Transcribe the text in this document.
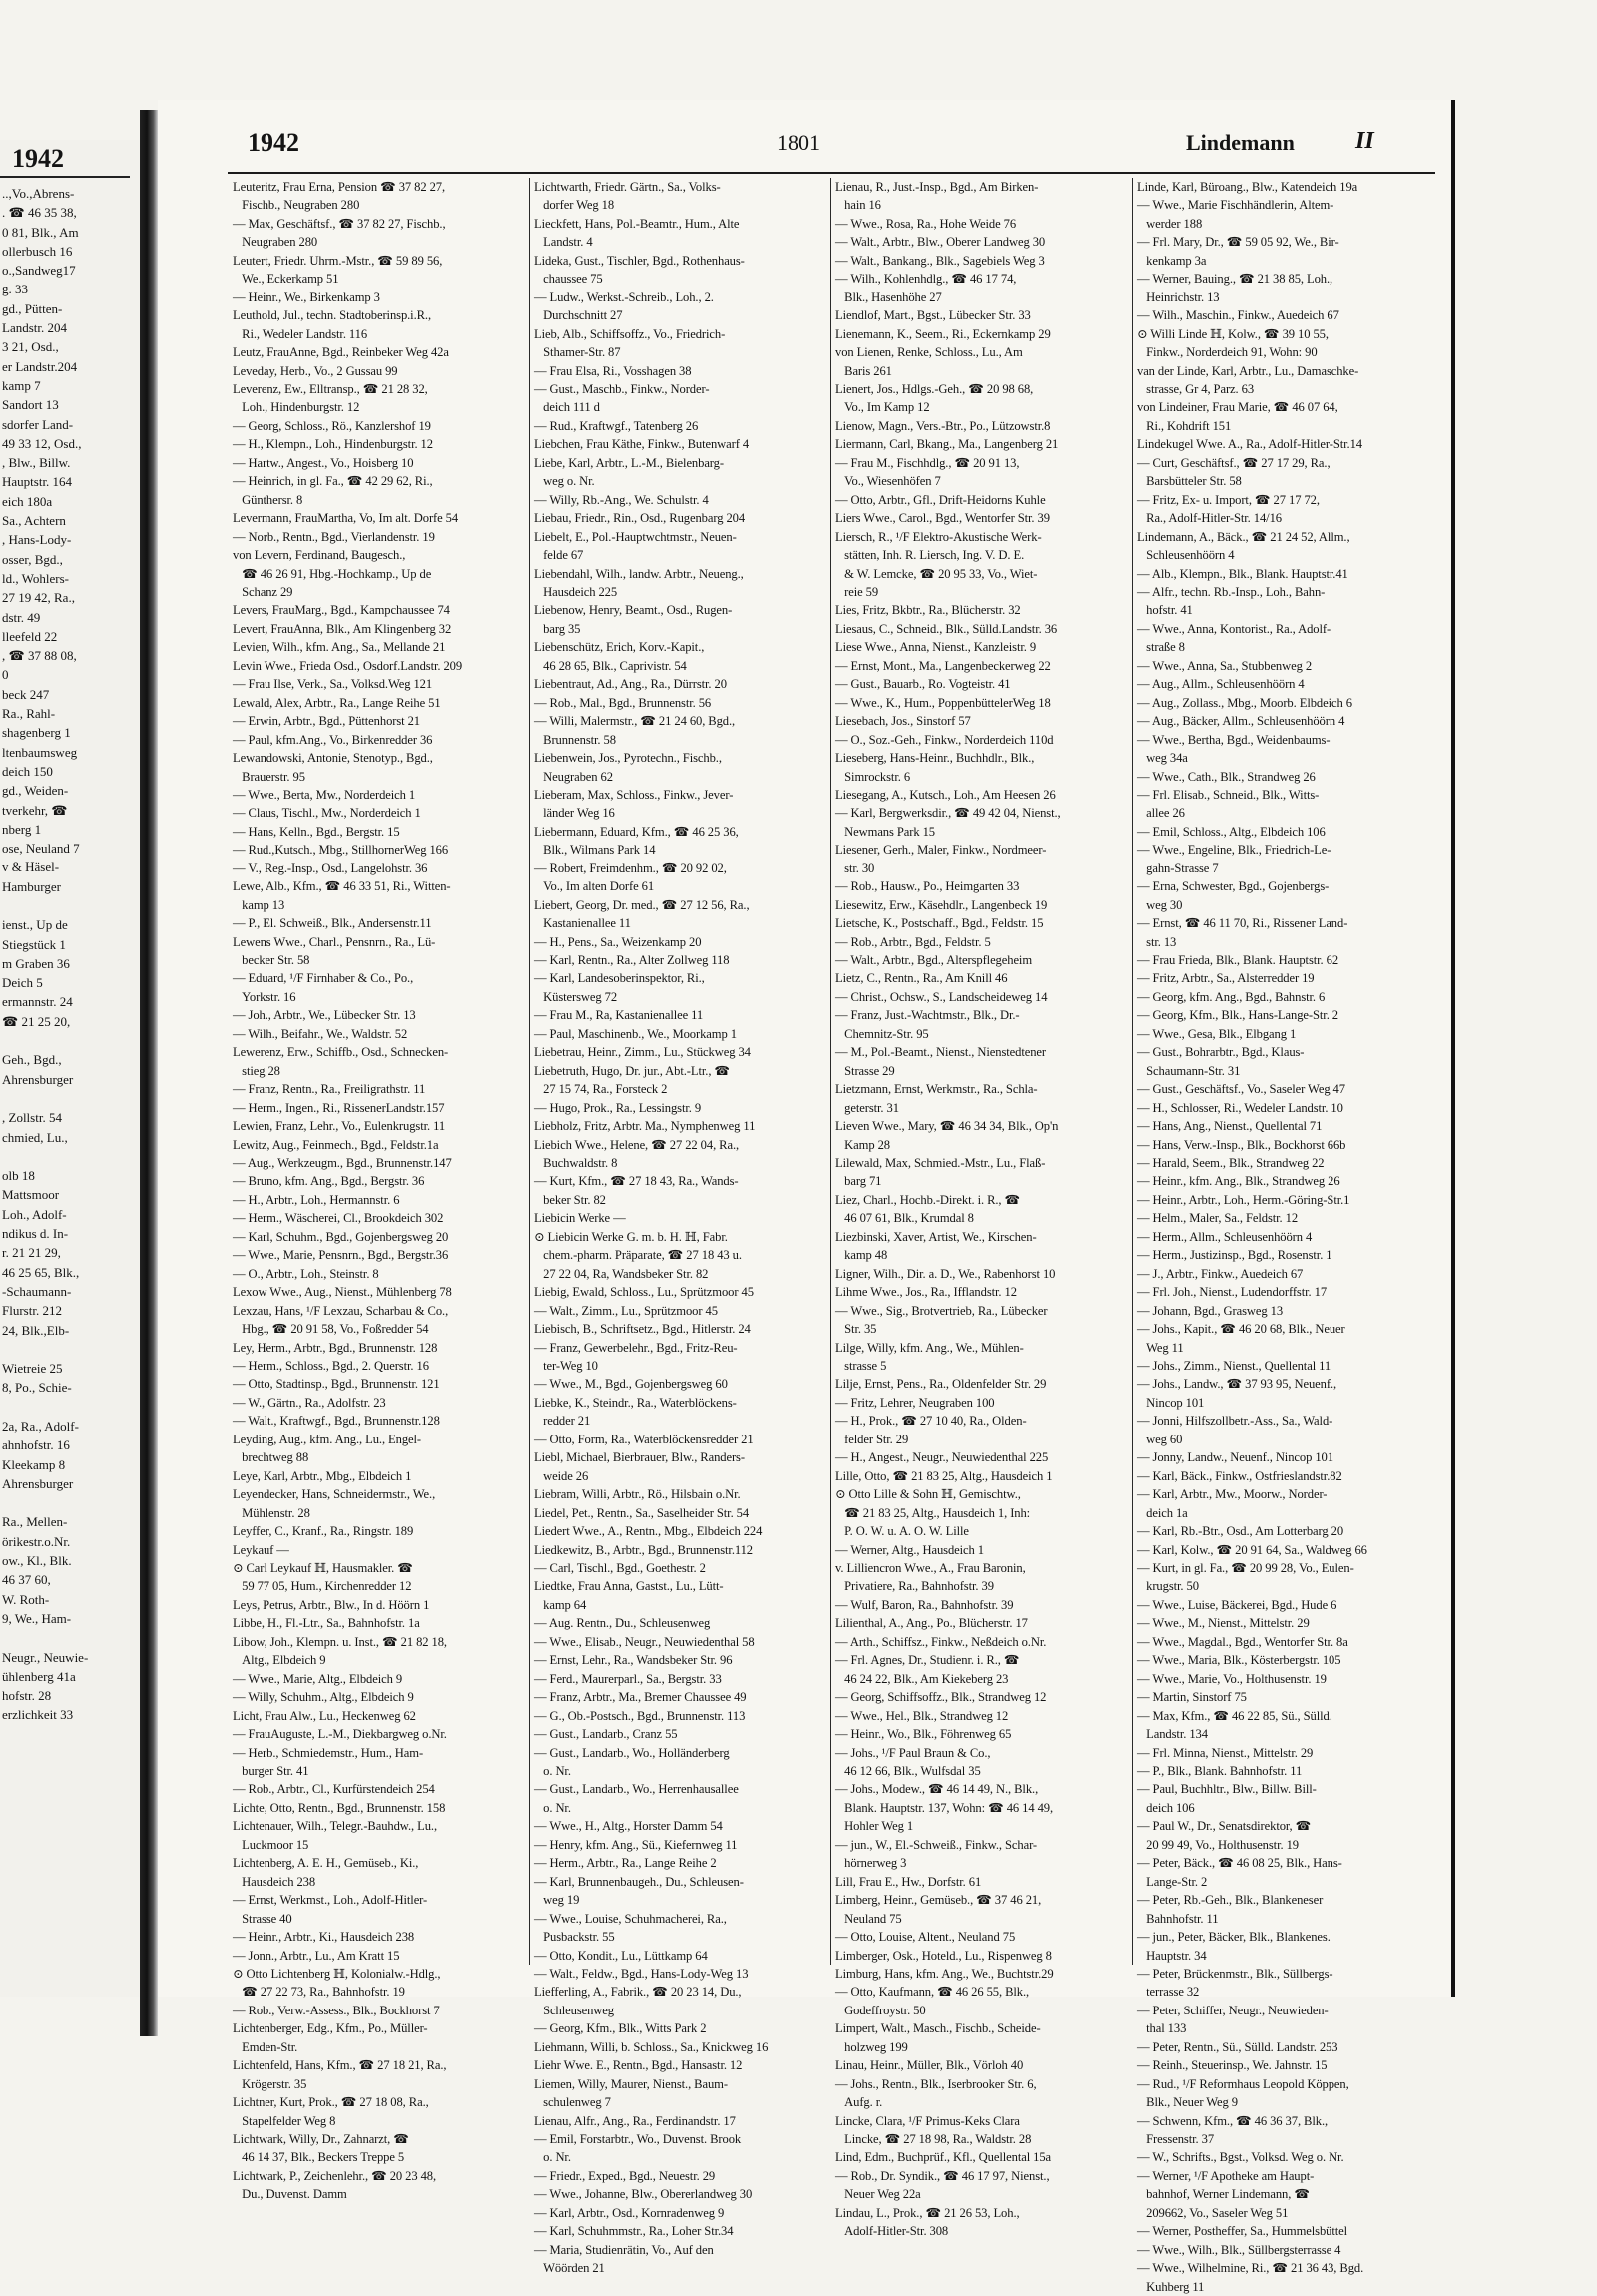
1942
..,Vo.,Abrens-
. ☎ 46 35 38,
0 81, Blk., Am
ollerbusch 16
o.,Sandweg17
g. 33
gd., Pütten-
Landstr. 204
3 21, Osd.,
er Landstr.204
kamp 7
Sandort 13
sdorfer Land-
49 33 12, Osd.,
, Blw., Billw.
Hauptstr. 164
eich 180a
Sa., Achtern
, Hans-Lody-
osser, Bgd.,
ld., Wohlers-
27 19 42, Ra.,
dstr. 49
lleefeld 22
, ☎ 37 88 08,
0
beck 247
Ra., Rahl-
shagenberg 1
ltenbaumsweg
deich 150
gd., Weiden-
tverkehr, ☎
nberg 1
ose, Neuland 7
v & Häsel-
Hamburger

ienst., Up de
Stiegstück 1
m Graben 36
Deich 5
ermannstr. 24
☎ 21 25 20,

Geh., Bgd.,
Ahrensburger

, Zollstr. 54
chmied, Lu.,

olb 18
Mattsmoor
Loh., Adolf-
ndikus d. In-
r. 21 21 29,
46 25 65, Blk.,
-Schaumann-
Flurstr. 212
24, Blk.,Elb-

Wietreie 25
8, Po., Schie-

2a, Ra., Adolf-
ahnhofstr. 16
Kleekamp 8
Ahrensburger

Ra., Mellen-
örikestr.o.Nr.
ow., Kl., Blk.
46 37 60,
W. Roth-
9, We., Ham-

Neugr., Neuwie-
ühlenberg 41a
hofstr. 28
erzlichkeit 33
1942	1801	Lindemann	II
Leuteritz, Frau Erna, Pension ☎ 37 82 27,
Fischb., Neugraben 280
— Max, Geschäftsf., ☎ 37 82 27, Fischb.,
Neugraben 280
Leutert, Friedr. Uhrm.-Mstr., ☎ 59 89 56,
We., Eckerkamp 51
— Heinr., We., Birkenkamp 3
Leuthold, Jul., techn. Stadtoberinsp.i.R.,
Ri., Wedeler Landstr. 116
Leutz, FrauAnne, Bgd., Reinbeker Weg 42a
Leveday, Herb., Vo., 2 Gussau 99
Leverenz, Ew., Elltransp., ☎ 21 28 32,
Loh., Hindenburgstr. 12
— Georg, Schloss., Rö., Kanzlershof 19
— H., Klempn., Loh., Hindenburgstr. 12
— Hartw., Angest., Vo., Hoisberg 10
— Heinrich, in gl. Fa., ☎ 42 29 62, Ri.,
Günthersr. 8
Levermann, FrauMartha, Vo, Im alt. Dorfe 54
— Norb., Rentn., Bgd., Vierlandenstr. 19
von Levern, Ferdinand, Baugesch.,
☎ 46 26 91, Hbg.-Hochkamp., Up de
Schanz 29
Levers, FrauMarg., Bgd., Kampchaussee 74
Levert, FrauAnna, Blk., Am Klingenberg 32
Levien, Wilh., kfm. Ang., Sa., Mellande 21
Levin Wwe., Frieda Osd., Osdorf.Landstr. 209
— Frau Ilse, Verk., Sa., Volksd.Weg 121
Lewald, Alex, Arbtr., Ra., Lange Reihe 51
— Erwin, Arbtr., Bgd., Püttenhorst 21
— Paul, kfm.Ang., Vo., Birkenredder 36
Lewandowski, Antonie, Stenotyp., Bgd.,
Brauerstr. 95
— Wwe., Berta, Mw., Norderdeich 1
— Claus, Tischl., Mw., Norderdeich 1
— Hans, Kelln., Bgd., Bergstr. 15
— Rud.,Kutsch., Mbg., StillhornerWeg 166
— V., Reg.-Insp., Osd., Langelohstr. 36
Lewe, Alb., Kfm., ☎ 46 33 51, Ri., Witten-
kamp 13
— P., El. Schweiß., Blk., Andersenstr.11
Lewens Wwe., Charl., Pensnrn., Ra., Lü-
becker Str. 58
— Eduard, ¹/F Firnhaber & Co., Po.,
Yorkstr. 16
— Joh., Arbtr., We., Lübecker Str. 13
— Wilh., Beifahr., We., Waldstr. 52
Lewerenz, Erw., Schiffb., Osd., Schnecken-
stieg 28
— Franz, Rentn., Ra., Freiligrathstr. 11
— Herm., Ingen., Ri., RissenerLandstr.157
Lewien, Franz, Lehr., Vo., Eulenkrugstr. 11
Lewitz, Aug., Feinmech., Bgd., Feldstr.1a
— Aug., Werkzeugm., Bgd., Brunnenstr.147
— Bruno, kfm. Ang., Bgd., Bergstr. 36
— H., Arbtr., Loh., Hermannstr. 6
— Herm., Wäscherei, Cl., Brookdeich 302
— Karl, Schuhm., Bgd., Gojenbergsweg 20
— Wwe., Marie, Pensnrn., Bgd., Bergstr.36
— O., Arbtr., Loh., Steinstr. 8
Lexow Wwe., Aug., Nienst., Mühlenberg 78
Lexzau, Hans, ¹/F Lexzau, Scharbau & Co.,
Hbg., ☎ 20 91 58, Vo., Foßredder 54
Ley, Herm., Arbtr., Bgd., Brunnenstr. 128
— Herm., Schloss., Bgd., 2. Querstr. 16
— Otto, Stadtinsp., Bgd., Brunnenstr. 121
— W., Gärtn., Ra., Adolfstr. 23
— Walt., Kraftwgf., Bgd., Brunnenstr.128
Leyding, Aug., kfm. Ang., Lu., Engel-
brechtweg 88
Leye, Karl, Arbtr., Mbg., Elbdeich 1
Leyendecker, Hans, Schneidermstr., We.,
Mühlenstr. 28
Leyffer, C., Kranf., Ra., Ringstr. 189
Leykauf —
⊙ Carl Leykauf ℍ, Hausmakler. ☎
59 77 05, Hum., Kirchenredder 12
Leys, Petrus, Arbtr., Blw., In d. Höörn 1
Libbe, H., Fl.-Ltr., Sa., Bahnhofstr. 1a
Libow, Joh., Klempn. u. Inst., ☎ 21 82 18,
Altg., Elbdeich 9
— Wwe., Marie, Altg., Elbdeich 9
— Willy, Schuhm., Altg., Elbdeich 9
Licht, Frau Alw., Lu., Heckenweg 62
— FrauAuguste, L.-M., Diekbargweg o.Nr.
— Herb., Schmiedemstr., Hum., Ham-
burger Str. 41
— Rob., Arbtr., Cl., Kurfürstendeich 254
Lichte, Otto, Rentn., Bgd., Brunnenstr. 158
Lichtenauer, Wilh., Telegr.-Bauhdw., Lu.,
Luckmoor 15
Lichtenberg, A. E. H., Gemüseb., Ki.,
Hausdeich 238
— Ernst, Werkmst., Loh., Adolf-Hitler-
Strasse 40
— Heinr., Arbtr., Ki., Hausdeich 238
— Jonn., Arbtr., Lu., Am Kratt 15
⊙ Otto Lichtenberg ℍ, Kolonialw.-Hdlg.,
☎ 27 22 73, Ra., Bahnhofstr. 19
— Rob., Verw.-Assess., Blk., Bockhorst 7
Lichtenberger, Edg., Kfm., Po., Müller-
Emden-Str.
Lichtenfeld, Hans, Kfm., ☎ 27 18 21, Ra.,
Krögerstr. 35
Lichtner, Kurt, Prok., ☎ 27 18 08, Ra.,
Stapelfelder Weg 8
Lichtwark, Willy, Dr., Zahnarzt, ☎
46 14 37, Blk., Beckers Treppe 5
Lichtwark, P., Zeichenlehr., ☎ 20 23 48,
Du., Duvenst. Damm
Lichtwarth, Friedr. Gärtn., Sa., Volks-
dorfer Weg 18
Lieckfett, Hans, Pol.-Beamtr., Hum., Alte
Landstr. 4
Lideka, Gust., Tischler, Bgd., Rothenhaus-
chaussee 75
— Ludw., Werkst.-Schreib., Loh., 2.
Durchschnitt 27
Lieb, Alb., Schiffsoffz., Vo., Friedrich-
Sthamer-Str. 87
— Frau Elsa, Ri., Vosshagen 38
— Gust., Maschb., Finkw., Norder-
deich 111 d
— Rud., Kraftwgf., Tatenberg 26
Liebchen, Frau Käthe, Finkw., Butenwarf 4
Liebe, Karl, Arbtr., L.-M., Bielenbarg-
weg o. Nr.
— Willy, Rb.-Ang., We. Schulstr. 4
Liebau, Friedr., Rin., Osd., Rugenbarg 204
Liebelt, E., Pol.-Hauptwchtmstr., Neuen-
felde 67
Liebendahl, Wilh., landw. Arbtr., Neueng.,
Hausdeich 225
Liebenow, Henry, Beamt., Osd., Rugen-
barg 35
Liebenschütz, Erich, Korv.-Kapit.,
46 28 65, Blk., Caprivistr. 54
Liebentraut, Ad., Ang., Ra., Dürrstr. 20
— Rob., Mal., Bgd., Brunnenstr. 56
— Willi, Malermstr., ☎ 21 24 60, Bgd.,
Brunnenstr. 58
Liebenwein, Jos., Pyrotechn., Fischb.,
Neugraben 62
Lieberam, Max, Schloss., Finkw., Jever-
länder Weg 16
Liebermann, Eduard, Kfm., ☎ 46 25 36,
Blk., Wilmans Park 14
— Robert, Freimdenhm., ☎ 20 92 02,
Vo., Im alten Dorfe 61
Liebert, Georg, Dr. med., ☎ 27 12 56, Ra.,
Kastanienallee 11
— H., Pens., Sa., Weizenkamp 20
— Karl, Rentn., Ra., Alter Zollweg 118
— Karl, Landesoberinspektor, Ri.,
Küstersweg 72
— Frau M., Ra, Kastanienallee 11
— Paul, Maschinenb., We., Moorkamp 1
Liebetrau, Heinr., Zimm., Lu., Stückweg 34
Liebetruth, Hugo, Dr. jur., Abt.-Ltr., ☎
27 15 74, Ra., Forsteck 2
— Hugo, Prok., Ra., Lessingstr. 9
Liebholz, Fritz, Arbtr. Ma., Nymphenweg 11
Liebich Wwe., Helene, ☎ 27 22 04, Ra.,
Buchwaldstr. 8
— Kurt, Kfm., ☎ 27 18 43, Ra., Wands-
beker Str. 82
Liebicin Werke —
⊙ Liebicin Werke G. m. b. H. ℍ, Fabr.
chem.-pharm. Präparate, ☎ 27 18 43 u.
27 22 04, Ra, Wandsbeker Str. 82
Liebig, Ewald, Schloss., Lu., Sprützmoor 45
— Walt., Zimm., Lu., Sprützmoor 45
Liebisch, B., Schriftsetz., Bgd., Hitlerstr. 24
— Franz, Gewerbelehr., Bgd., Fritz-Reu-
ter-Weg 10
— Wwe., M., Bgd., Gojenbergsweg 60
Liebke, K., Steindr., Ra., Waterblöckens-
redder 21
— Otto, Form, Ra., Waterblöckensredder 21
Liebl, Michael, Bierbrauer, Blw., Randers-
weide 26
Liebram, Willi, Arbtr., Rö., Hilsbain o.Nr.
Liedel, Pet., Rentn., Sa., Saselheider Str. 54
Liedert Wwe., A., Rentn., Mbg., Elbdeich 224
Liedkewitz, B., Arbtr., Bgd., Brunnenstr.112
— Carl, Tischl., Bgd., Goethestr. 2
Liedtke, Frau Anna, Gastst., Lu., Lütt-
kamp 64
— Aug. Rentn., Du., Schleusenweg
— Wwe., Elisab., Neugr., Neuwiedenthal 58
— Ernst, Lehr., Ra., Wandsbeker Str. 96
— Ferd., Maurerparl., Sa., Bergstr. 33
— Franz, Arbtr., Ma., Bremer Chaussee 49
— G., Ob.-Postsch., Bgd., Brunnenstr. 113
— Gust., Landarb., Cranz 55
— Gust., Landarb., Wo., Holländerberg
o. Nr.
— Gust., Landarb., Wo., Herrenhausallee
o. Nr.
— Wwe., H., Altg., Horster Damm 54
— Henry, kfm. Ang., Sü., Kiefernweg 11
— Herm., Arbtr., Ra., Lange Reihe 2
— Karl, Brunnenbaugeh., Du., Schleusen-
weg 19
— Wwe., Louise, Schuhmacherei, Ra.,
Pusbackstr. 55
— Otto, Kondit., Lu., Lüttkamp 64
— Walt., Feldw., Bgd., Hans-Lody-Weg 13
Liefferling, A., Fabrik., ☎ 20 23 14, Du.,
Schleusenweg
— Georg, Kfm., Blk., Witts Park 2
Liehmann, Willi, b. Schloss., Sa., Knickweg 16
Liehr Wwe. E., Rentn., Bgd., Hansastr. 12
Liemen, Willy, Maurer, Nienst., Baum-
schulenweg 7
Lienau, Alfr., Ang., Ra., Ferdinandstr. 17
— Emil, Forstarbtr., Wo., Duvenst. Brook
o. Nr.
— Friedr., Exped., Bgd., Neuestr. 29
— Wwe., Johanne, Blw., Obererlandweg 30
— Karl, Arbtr., Osd., Kornradenweg 9
— Karl, Schuhmmstr., Ra., Loher Str.34
— Maria, Studienrätin, Vo., Auf den
Wöörden 21
Lienau, R., Just.-Insp., Bgd., Am Birken-
hain 16
— Wwe., Rosa, Ra., Hohe Weide 76
— Walt., Arbtr., Blw., Oberer Landweg 30
— Walt., Bankang., Blk., Sagebiels Weg 3
— Wilh., Kohlenhdlg., ☎ 46 17 74,
Blk., Hasenhöhe 27
Liendlof, Mart., Bgst., Lübecker Str. 33
Lienemann, K., Seem., Ri., Eckernkamp 29
von Lienen, Renke, Schloss., Lu., Am
Baris 261
Lienert, Jos., Hdlgs.-Geh., ☎ 20 98 68,
Vo., Im Kamp 12
Lienow, Magn., Vers.-Btr., Po., Lützowstr.8
Liermann, Carl, Bkang., Ma., Langenberg 21
— Frau M., Fischhdlg., ☎ 20 91 13,
Vo., Wiesenhöfen 7
— Otto, Arbtr., Gfl., Drift-Heidorns Kuhle
Liers Wwe., Carol., Bgd., Wentorfer Str. 39
Liersch, R., ¹/F Elektro-Akustische Werk-
stätten, Inh. R. Liersch, Ing. V. D. E.
& W. Lemcke, ☎ 20 95 33, Vo., Wiet-
reie 59
Lies, Fritz, Bkbtr., Ra., Blücherstr. 32
Liesaus, C., Schneid., Blk., Sülld.Landstr. 36
Liese Wwe., Anna, Nienst., Kanzleistr. 9
— Ernst, Mont., Ma., Langenbeckerweg 22
— Gust., Bauarb., Ro. Vogteistr. 41
— Wwe., K., Hum., PoppenbüttelerWeg 18
Liesebach, Jos., Sinstorf 57
— O., Soz.-Geh., Finkw., Norderdeich 110d
Lieseberg, Hans-Heinr., Buchhdlr., Blk.,
Simrockstr. 6
Liesegang, A., Kutsch., Loh., Am Heesen 26
— Karl, Bergwerksdir., ☎ 49 42 04, Nienst.,
Newmans Park 15
Liesener, Gerh., Maler, Finkw., Nordmeer-
str. 30
— Rob., Hausw., Po., Heimgarten 33
Liesewitz, Erw., Käsehdlr., Langenbeck 19
Lietsche, K., Postschaff., Bgd., Feldstr. 15
— Rob., Arbtr., Bgd., Feldstr. 5
— Walt., Arbtr., Bgd., Alterspflegeheim
Lietz, C., Rentn., Ra., Am Knill 46
— Christ., Ochsw., S., Landscheideweg 14
— Franz, Just.-Wachtmstr., Blk., Dr.-
Chemnitz-Str. 95
— M., Pol.-Beamt., Nienst., Nienstedtener
Strasse 29
Lietzmann, Ernst, Werkmstr., Ra., Schla-
geterstr. 31
Lieven Wwe., Mary, ☎ 46 34 34, Blk., Op'n
Kamp 28
Lilewald, Max, Schmied.-Mstr., Lu., Flaß-
barg 71
Liez, Charl., Hochb.-Direkt. i. R., ☎
46 07 61, Blk., Krumdal 8
Liezbinski, Xaver, Artist, We., Kirschen-
kamp 48
Ligner, Wilh., Dir. a. D., We., Rabenhorst 10
Lihme Wwe., Jos., Ra., Ifflandstr. 12
— Wwe., Sig., Brotvertrieb, Ra., Lübecker
Str. 35
Lilge, Willy, kfm. Ang., We., Mühlen-
strasse 5
Lilje, Ernst, Pens., Ra., Oldenfelder Str. 29
— Fritz, Lehrer, Neugraben 100
— H., Prok., ☎ 27 10 40, Ra., Olden-
felder Str. 29
— H., Angest., Neugr., Neuwiedenthal 225
Lille, Otto, ☎ 21 83 25, Altg., Hausdeich 1
⊙ Otto Lille & Sohn ℍ, Gemischtw.,
☎ 21 83 25, Altg., Hausdeich 1, Inh:
P. O. W. u. A. O. W. Lille
— Werner, Altg., Hausdeich 1
v. Lilliencron Wwe., A., Frau Baronin,
Privatiere, Ra., Bahnhofstr. 39
— Wulf, Baron, Ra., Bahnhofstr. 39
Lilienthal, A., Ang., Po., Blücherstr. 17
— Arth., Schiffsz., Finkw., Neßdeich o.Nr.
— Frl. Agnes, Dr., Studienr. i. R., ☎
46 24 22, Blk., Am Kiekeberg 23
— Georg, Schiffsoffz., Blk., Strandweg 12
— Wwe., Hel., Blk., Strandweg 12
— Heinr., Wo., Blk., Föhrenweg 65
— Johs., ¹/F Paul Braun & Co.,
46 12 66, Blk., Wulfsdal 35
— Johs., Modew., ☎ 46 14 49, N., Blk.,
Blank. Hauptstr. 137, Wohn: ☎ 46 14 49,
Hohler Weg 1
— jun., W., El.-Schweiß., Finkw., Schar-
hörnerweg 3
Lill, Frau E., Hw., Dorfstr. 61
Limberg, Heinr., Gemüseb., ☎ 37 46 21,
Neuland 75
— Otto, Louise, Altent., Neuland 75
Limberger, Osk., Hoteld., Lu., Rispenweg 8
Limburg, Hans, kfm. Ang., We., Buchtstr.29
— Otto, Kaufmann, ☎ 46 26 55, Blk.,
Godeffroystr. 50
Limpert, Walt., Masch., Fischb., Scheide-
holzweg 199
Linau, Heinr., Müller, Blk., Vörloh 40
— Johs., Rentn., Blk., Iserbrooker Str. 6,
Aufg. r.
Lincke, Clara, ¹/F Primus-Keks Clara
Lincke, ☎ 27 18 98, Ra., Waldstr. 28
Lind, Edm., Buchprüf., Kfl., Quellental 15a
— Rob., Dr. Syndik., ☎ 46 17 97, Nienst.,
Neuer Weg 22a
Lindau, L., Prok., ☎ 21 26 53, Loh.,
Adolf-Hitler-Str. 308
Linde, Karl, Büroang., Blw., Katendeich 19a
— Wwe., Marie Fischhändlerin, Altem-
werder 188
— Frl. Mary, Dr., ☎ 59 05 92, We., Bir-
kenkamp 3a
— Werner, Bauing., ☎ 21 38 85, Loh.,
Heinrichstr. 13
— Wilh., Maschin., Finkw., Auedeich 67
⊙ Willi Linde ℍ, Kolw., ☎ 39 10 55,
Finkw., Norderdeich 91, Wohn: 90
van der Linde, Karl, Arbtr., Lu., Damaschke-
strasse, Gr 4, Parz. 63
von Lindeiner, Frau Marie, ☎ 46 07 64,
Ri., Kohdrift 151
Lindekugel Wwe. A., Ra., Adolf-Hitler-Str.14
— Curt, Geschäftsf., ☎ 27 17 29, Ra.,
Barsbütteler Str. 58
— Fritz, Ex- u. Import, ☎ 27 17 72,
Ra., Adolf-Hitler-Str. 14/16
Lindemann, A., Bäck., ☎ 21 24 52, Allm.,
Schleusenhöörn 4
— Alb., Klempn., Blk., Blank. Hauptstr.41
— Alfr., techn. Rb.-Insp., Loh., Bahn-
hofstr. 41
— Wwe., Anna, Kontorist., Ra., Adolf-
straße 8
— Wwe., Anna, Sa., Stubbenweg 2
— Aug., Allm., Schleusenhöörn 4
— Aug., Zollass., Mbg., Moorb. Elbdeich 6
— Aug., Bäcker, Allm., Schleusenhöörn 4
— Wwe., Bertha, Bgd., Weidenbaums-
weg 34a
— Wwe., Cath., Blk., Strandweg 26
— Frl. Elisab., Schneid., Blk., Witts-
allee 26
— Emil, Schloss., Altg., Elbdeich 106
— Wwe., Engeline, Blk., Friedrich-Le-
gahn-Strasse 7
— Erna, Schwester, Bgd., Gojenbergs-
weg 30
— Ernst, ☎ 46 11 70, Ri., Rissener Land-
str. 13
— Frau Frieda, Blk., Blank. Hauptstr. 62
— Fritz, Arbtr., Sa., Alsterredder 19
— Georg, kfm. Ang., Bgd., Bahnstr. 6
— Georg, Kfm., Blk., Hans-Lange-Str. 2
— Wwe., Gesa, Blk., Elbgang 1
— Gust., Bohrarbtr., Bgd., Klaus-
Schaumann-Str. 31
— Gust., Geschäftsf., Vo., Saseler Weg 47
— H., Schlosser, Ri., Wedeler Landstr. 10
— Hans, Ang., Nienst., Quellental 71
— Hans, Verw.-Insp., Blk., Bockhorst 66b
— Harald, Seem., Blk., Strandweg 22
— Heinr., kfm. Ang., Blk., Strandweg 26
— Heinr., Arbtr., Loh., Herm.-Göring-Str.1
— Helm., Maler, Sa., Feldstr. 12
— Herm., Allm., Schleusenhöörn 4
— Herm., Justizinsp., Bgd., Rosenstr. 1
— J., Arbtr., Finkw., Auedeich 67
— Frl. Joh., Nienst., Ludendorffstr. 17
— Johann, Bgd., Grasweg 13
— Johs., Kapit., ☎ 46 20 68, Blk., Neuer
Weg 11
— Johs., Zimm., Nienst., Quellental 11
— Johs., Landw., ☎ 37 93 95, Neuenf.,
Nincop 101
— Jonni, Hilfszollbetr.-Ass., Sa., Wald-
weg 60
— Jonny, Landw., Neuenf., Nincop 101
— Karl, Bäck., Finkw., Ostfrieslandstr.82
— Karl, Arbtr., Mw., Moorw., Norder-
deich 1a
— Karl, Rb.-Btr., Osd., Am Lotterbarg 20
— Karl, Kolw., ☎ 20 91 64, Sa., Waldweg 66
— Kurt, in gl. Fa., ☎ 20 99 28, Vo., Eulen-
krugstr. 50
— Wwe., Luise, Bäckerei, Bgd., Hude 6
— Wwe., M., Nienst., Mittelstr. 29
— Wwe., Magdal., Bgd., Wentorfer Str. 8a
— Wwe., Maria, Blk., Kösterbergstr. 105
— Wwe., Marie, Vo., Holthusenstr. 19
— Martin, Sinstorf 75
— Max, Kfm., ☎ 46 22 85, Sü., Sülld.
Landstr. 134
— Frl. Minna, Nienst., Mittelstr. 29
— P., Blk., Blank. Bahnhofstr. 11
— Paul, Buchhltr., Blw., Billw. Bill-
deich 106
— Paul W., Dr., Senatsdirektor, ☎
20 99 49, Vo., Holthusenstr. 19
— Peter, Bäck., ☎ 46 08 25, Blk., Hans-
Lange-Str. 2
— Peter, Rb.-Geh., Blk., Blankeneser
Bahnhofstr. 11
— jun., Peter, Bäcker, Blk., Blankenes.
Hauptstr. 34
— Peter, Brückenmstr., Blk., Süllbergs-
terrasse 32
— Peter, Schiffer, Neugr., Neuwieden-
thal 133
— Peter, Rentn., Sü., Sülld. Landstr. 253
— Reinh., Steuerinsp., We. Jahnstr. 15
— Rud., ¹/F Reformhaus Leopold Köppen,
Blk., Neuer Weg 9
— Schwenn, Kfm., ☎ 46 36 37, Blk.,
Fressenstr. 37
— W., Schrifts., Bgst., Volksd. Weg o. Nr.
— Werner, ¹/F Apotheke am Haupt-
bahnhof, Werner Lindemann, ☎
209662, Vo., Saseler Weg 51
— Werner, Postheffer, Sa., Hummelsbüttel
— Wwe., Wilh., Blk., Süllbergsterrasse 4
— Wwe., Wilhelmine, Ri., ☎ 21 36 43, Bgd.
Kuhberg 11
